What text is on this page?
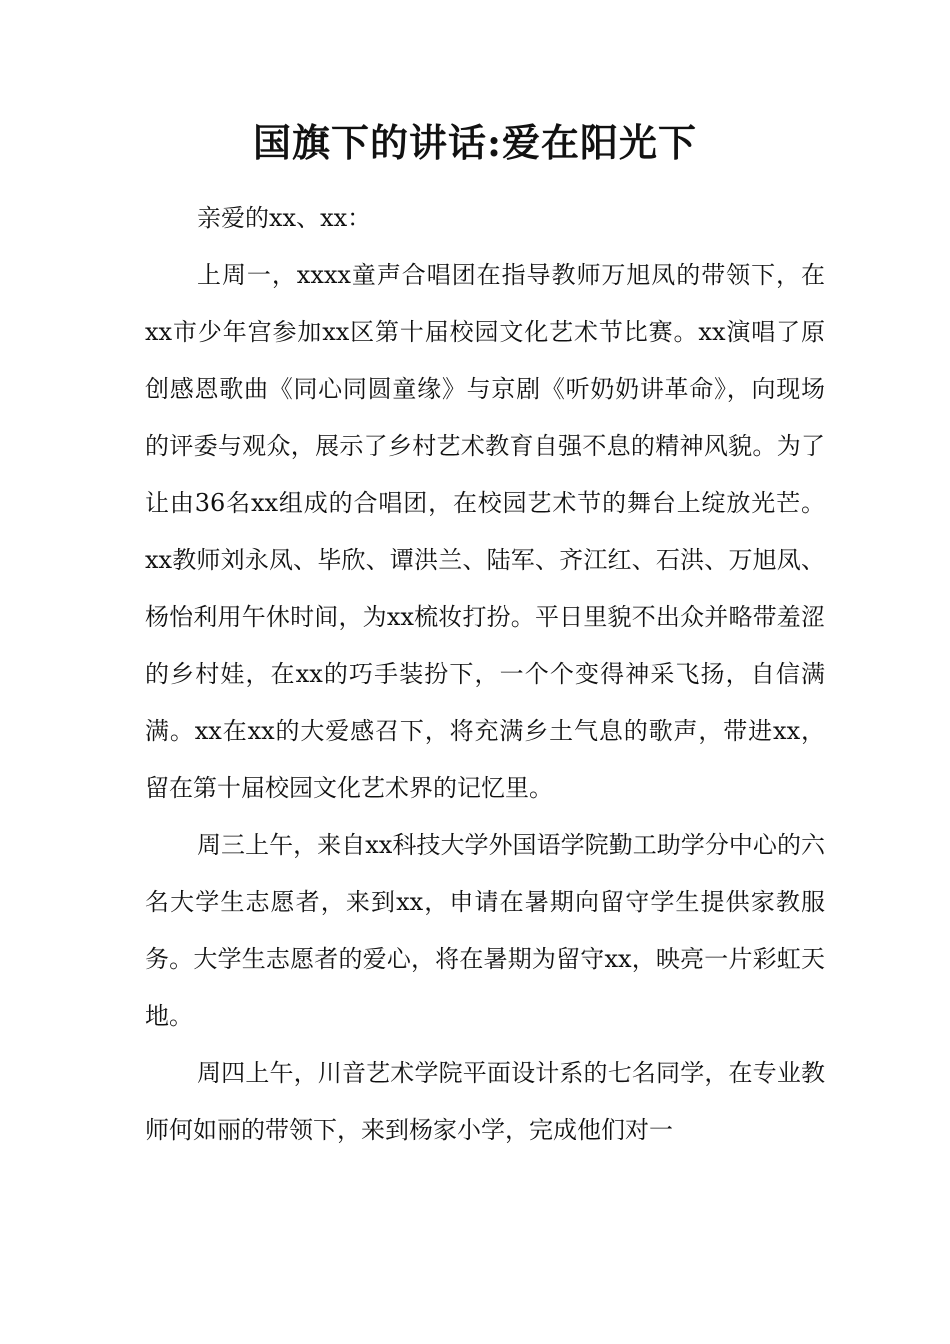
国旗下的讲话:爱在阳光下

亲爱的xx、xx：

上周一，xxxx童声合唱团在指导教师万旭凤的带领下，在xx市少年宫参加xx区第十届校园文化艺术节比赛。xx演唱了原创感恩歌曲《同心同圆童缘》与京剧《听奶奶讲革命》，向现场的评委与观众，展示了乡村艺术教育自强不息的精神风貌。为了让由36名xx组成的合唱团，在校园艺术节的舞台上绽放光芒。xx教师刘永凤、毕欣、谭洪兰、陆军、齐江红、石洪、万旭凤、杨怡利用午休时间，为xx梳妆打扮。平日里貌不出众并略带羞涩的乡村娃，在xx的巧手装扮下，一个个变得神采飞扬，自信满满。xx在xx的大爱感召下，将充满乡土气息的歌声，带进xx，留在第十届校园文化艺术界的记忆里。

周三上午，来自xx科技大学外国语学院勤工助学分中心的六名大学生志愿者，来到xx，申请在暑期向留守学生提供家教服务。大学生志愿者的爱心，将在暑期为留守xx，映亮一片彩虹天地。

周四上午，川音艺术学院平面设计系的七名同学，在专业教师何如丽的带领下，来到杨家小学，完成他们对一
